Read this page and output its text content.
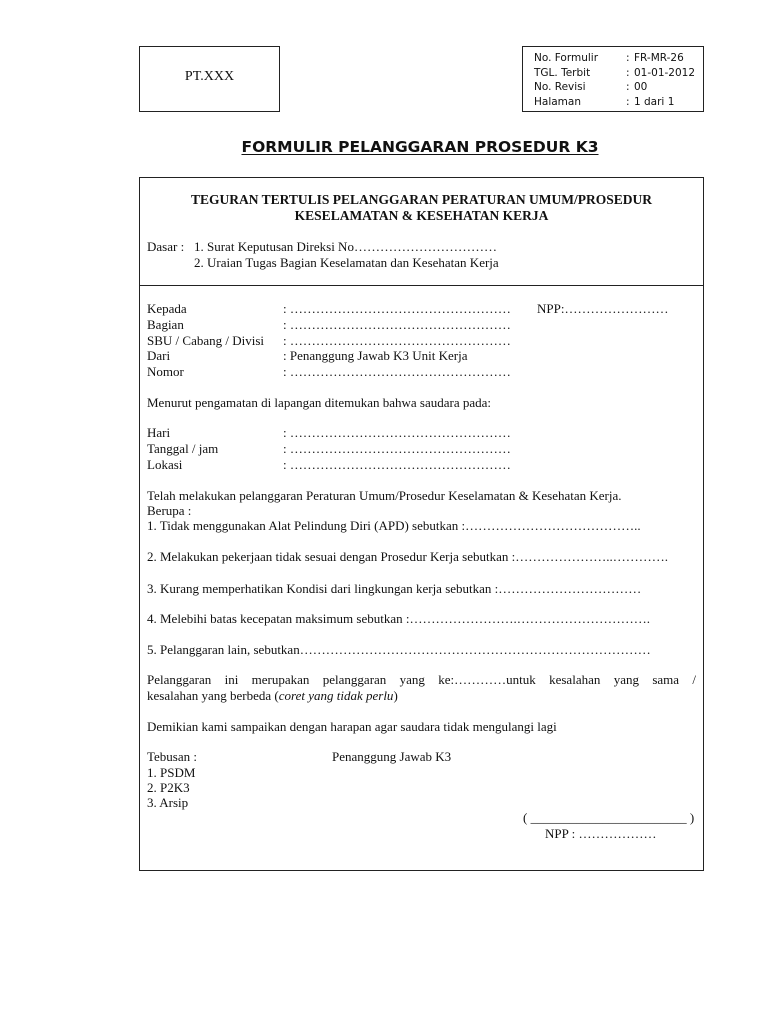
PT.XXX
No. Formulir	: FR-MR-26
TGL. Terbit	: 01-01-2012
No. Revisi	: 00
Halaman	: 1 dari 1
FORMULIR PELANGGARAN PROSEDUR K3
TEGURAN TERTULIS PELANGGARAN PERATURAN UMUM/PROSEDUR
KESELAMATAN & KESEHATAN KERJA
Dasar : 1. Surat Keputusan Direksi No……………………………
2. Uraian Tugas Bagian Keselamatan dan Kesehatan Kerja
Kepada	: …………………………………………… NPP:……………………
Bagian	: ……………………………………………
SBU / Cabang / Divisi : ……………………………………………
Dari	: Penanggung Jawab K3 Unit Kerja
Nomor	: ……………………………………………
Menurut pengamatan di lapangan ditemukan bahwa saudara pada:
Hari	: ……………………………………………
Tanggal / jam	: ……………………………………………
Lokasi	: ……………………………………………
Telah melakukan pelanggaran Peraturan Umum/Prosedur Keselamatan & Kesehatan Kerja.
Berupa :
1. Tidak menggunakan Alat Pelindung Diri (APD) sebutkan :…………………………………..
2. Melakukan pekerjaan tidak sesuai dengan Prosedur Kerja sebutkan :…………………..………….
3. Kurang memperhatikan Kondisi dari lingkungan kerja sebutkan :……………………………
4. Melebihi batas kecepatan maksimum sebutkan :…………………….………………………….
5. Pelanggaran lain, sebutkan………………………………………………………………………
Pelanggaran ini merupakan pelanggaran yang ke:…………untuk kesalahan yang sama /
kesalahan yang berbeda (coret yang tidak perlu)
Demikian kami sampaikan dengan harapan agar saudara tidak mengulangi lagi
Tebusan :	Penanggung Jawab K3
1. PSDM
2. P2K3
3. Arsip
( ________________________ )
NPP : ………………
